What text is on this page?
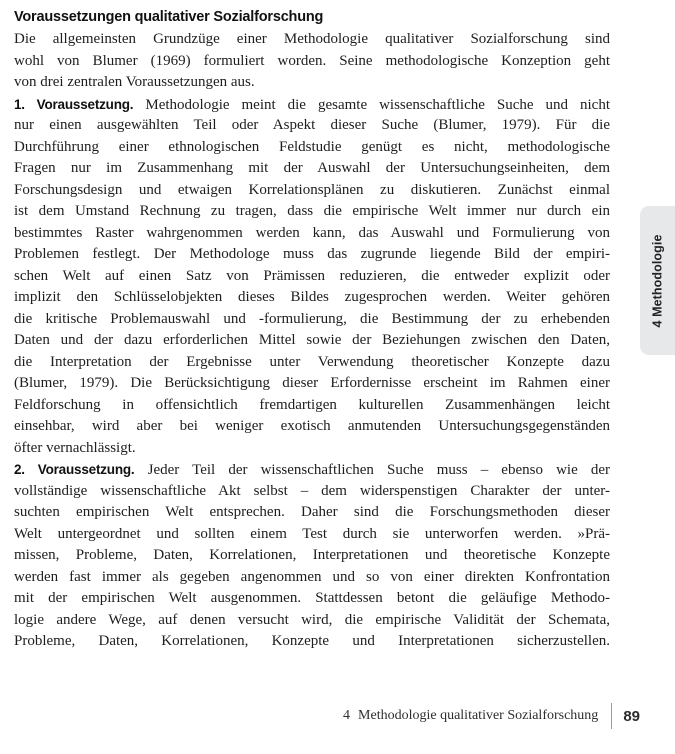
Voraussetzungen qualitativer Sozialforschung
Die allgemeinsten Grundzüge einer Methodologie qualitativer Sozialforschung sind
wohl von Blumer (1969) formuliert worden. Seine methodologische Konzeption geht
von drei zentralen Voraussetzungen aus.
1. Voraussetzung. Methodologie meint die gesamte wissenschaftliche Suche und nicht
nur einen ausgewählten Teil oder Aspekt dieser Suche (Blumer, 1979). Für die
Durchführung einer ethnologischen Feldstudie genügt es nicht, methodologische
Fragen nur im Zusammenhang mit der Auswahl der Untersuchungseinheiten, dem
Forschungsdesign und etwaigen Korrelationsplänen zu diskutieren. Zunächst einmal
ist dem Umstand Rechnung zu tragen, dass die empirische Welt immer nur durch ein
bestimmtes Raster wahrgenommen werden kann, das Auswahl und Formulierung von
Problemen festlegt. Der Methodologe muss das zugrunde liegende Bild der empiri-
schen Welt auf einen Satz von Prämissen reduzieren, die entweder explizit oder
implizit den Schlüsselobjekten dieses Bildes zugesprochen werden. Weiter gehören
die kritische Problemauswahl und -formulierung, die Bestimmung der zu erhebenden
Daten und der dazu erforderlichen Mittel sowie der Beziehungen zwischen den Daten,
die Interpretation der Ergebnisse unter Verwendung theoretischer Konzepte dazu
(Blumer, 1979). Die Berücksichtigung dieser Erfordernisse erscheint im Rahmen einer
Feldforschung in offensichtlich fremdartigen kulturellen Zusammenhängen leicht
einsehbar, wird aber bei weniger exotisch anmutenden Untersuchungsgegenständen
öfter vernachlässigt.
2. Voraussetzung. Jeder Teil der wissenschaftlichen Suche muss – ebenso wie der
vollständige wissenschaftliche Akt selbst – dem widerspenstigen Charakter der unter-
suchten empirischen Welt entsprechen. Daher sind die Forschungsmethoden dieser
Welt untergeordnet und sollten einem Test durch sie unterworfen werden. »Prä-
missen, Probleme, Daten, Korrelationen, Interpretationen und theoretische Konzepte
werden fast immer als gegeben angenommen und so von einer direkten Konfrontation
mit der empirischen Welt ausgenommen. Stattdessen betont die geläufige Methodo-
logie andere Wege, auf denen versucht wird, die empirische Validität der Schemata,
Probleme, Daten, Korrelationen, Konzepte und Interpretationen sicherzustellen.
4 Methodologie
4 Methodologie qualitativer Sozialforschung 89
